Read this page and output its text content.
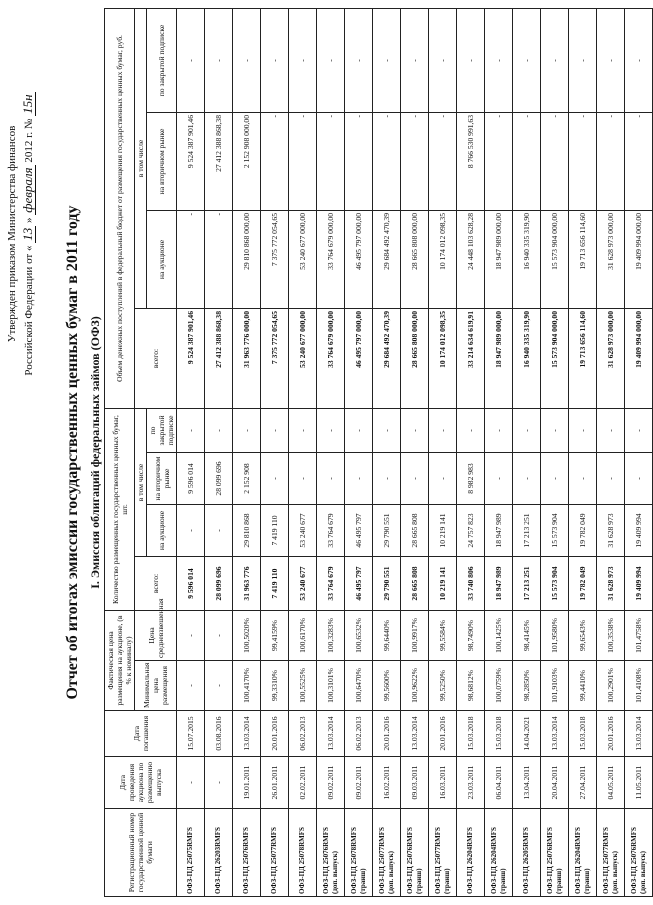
Утвержден приказом Министерства финансов Российской Федерации от « 13 » февраля 2012 г. № 15н
Отчет об итогах эмиссии государственных ценных бумаг в 2011 году I. Эмиссия облигаций федеральных займов (ОФЗ)
Регистрационный номер государственной ценной бумаги	Дата проведения аукциона по размещению выпуска	Дата погашения	Фактическая цена размещения на аукционе, (в % к номиналу)		Количество размещенных государственных ценных бумаг, шт.				Объем денежных поступлений в федеральный бюджет от размещения государственных ценных бумаг, руб.			
			Минимальная цена размещения	Цена средневзвешенная	всего:	в том числе			всего:	в том числе		
						на аукционе	на вторичном рынке	по закрытой подписке		на аукционе	на вторичном рынке	по закрытой подписке
ОФЗ-ПД 25075RMFS	-	15.07.2015	-	-	9 596 014	-	9 596 014	-	9 524 387 901,46	-	9 524 387 901,46	-
ОФЗ-ПД 26203RMFS	-	03.08.2016	-	-	28 099 696	-	28 099 696	-	27 412 388 868,38	-	27 412 388 868,38	-
ОФЗ-ПД 25076RMFS	19.01.2011	13.03.2014	100,4170%	100,5020%	31 963 776	29 810 868	2 152 908	-	31 963 776 000,00	29 810 868 000,00	2 152 908 000,00	-
ОФЗ-ПД 25077RMFS	26.01.2011	20.01.2016	99,3310%	99,4159%	7 419 110	7 419 110	-	-	7 375 772 054,65	7 375 772 054,65	-	-
ОФЗ-ПД 25078RMFS	02.02.2011	06.02.2013	100,5525%	100,6170%	53 240 677	53 240 677	-	-	53 240 677 000,00	53 240 677 000,00	-	-
ОФЗ-ПД 25076RMFS (доп. выпуск)	09.02.2011	13.03.2014	100,3101%	100,3283%	33 764 679	33 764 679	-	-	33 764 679 000,00	33 764 679 000,00	-	-
ОФЗ-ПД 25078RMFS (транш)	09.02.2011	06.02.2013	100,6470%	100,6532%	46 495 797	46 495 797	-	-	46 495 797 000,00	46 495 797 000,00	-	-
ОФЗ-ПД 25077RMFS (доп. выпуск)	16.02.2011	20.01.2016	99,5600%	99,6440%	29 790 551	29 790 551	-	-	29 684 492 470,39	29 684 492 470,39	-	-
ОФЗ-ПД 25076RMFS (транш)	09.03.2011	13.03.2014	100,9622%	100,9917%	28 665 808	28 665 808	-	-	28 665 808 000,00	28 665 808 000,00	-	-
ОФЗ-ПД 25077RMFS (транш)	16.03.2011	20.01.2016	99,5250%	99,5584%	10 219 141	10 219 141	-	-	10 174 012 098,35	10 174 012 098,35	-	-
ОФЗ-ПД 26204RMFS	23.03.2011	15.03.2018	98,6812%	98,7490%	33 740 806	24 757 823	8 982 983	-	33 214 634 619,91	24 448 103 628,28	8 766 530 991,63	-
ОФЗ-ПД 26204RMFS (транш)	06.04.2011	15.03.2018	100,0759%	100,1425%	18 947 989	18 947 989	-	-	18 947 989 000,00	18 947 989 000,00	-	-
ОФЗ-ПД 26205RMFS	13.04.2011	14.04.2021	98,2850%	98,4145%	17 213 251	17 213 251	-	-	16 940 335 319,90	16 940 335 319,90	-	-
ОФЗ-ПД 25076RMFS (транш)	20.04.2011	13.03.2014	101,9103%	101,9580%	15 573 904	15 573 904	-	-	15 573 904 000,00	15 573 904 000,00	-	-
ОФЗ-ПД 26204RMFS (транш)	27.04.2011	15.03.2018	99,4410%	99,6543%	19 782 049	19 782 049	-	-	19 713 656 114,60	19 713 656 114,60	-	-
ОФЗ-ПД 25077RMFS (доп. выпуск)	04.05.2011	20.01.2016	100,2901%	100,3538%	31 628 973	31 628 973	-	-	31 628 973 000,00	31 628 973 000,00	-	-
ОФЗ-ПД 25076RMFS (доп. выпуск)	11.05.2011	13.03.2014	101,4108%	101,4758%	19 409 994	19 409 994	-	-	19 409 994 000,00	19 409 994 000,00	-	-
